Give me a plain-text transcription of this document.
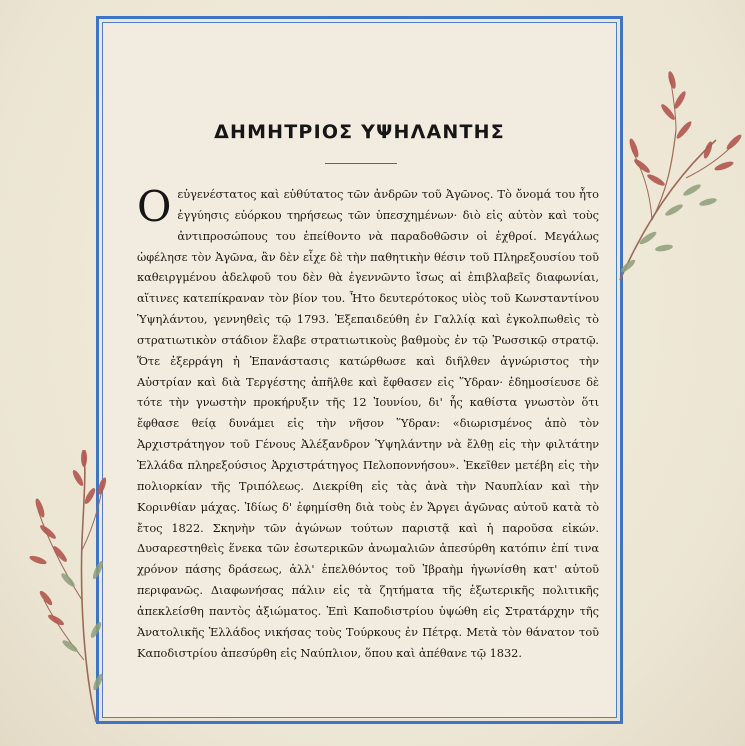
ΔΗΜΗΤΡΙΟΣ ΥΨΗΛΑΝΤΗΣ

Οεὐγενέστατος καὶ εὐθύτατος τῶν ἀνδρῶν τοῦ Ἀγῶνος. Τὸ ὄνομά του ἦτο ἐγγύησις εὐόρκου τηρήσεως τῶν ὑπεσχημένων· διὸ εἰς αὐτὸν καὶ τοὺς ἀντιπροσώπους του ἐπείθοντο νὰ παραδοθῶσιν οἱ ἐχθροί. Μεγάλως ὠφέλησε τὸν Ἀγῶνα, ἂν δὲν εἶχε δὲ τὴν παθητικὴν θέσιν τοῦ Πληρεξουσίου τοῦ καθειργμένου ἀδελφοῦ του δὲν θὰ ἐγεννῶντο ἴσως αἱ ἐπιβλαβεῖς διαφωνίαι, αἵτινες κατεπίκραναν τὸν βίον του. Ἦτο δευτερότοκος υἱὸς τοῦ Κωνσταντίνου Ὑψηλάντου, γεννηθεὶς τῷ 1793. Ἐξεπαιδεύθη ἐν Γαλλίᾳ καὶ ἐγκολπωθεὶς τὸ στρατιωτικὸν στάδιον ἔλαβε στρατιωτικοὺς βαθμοὺς ἐν τῷ Ῥωσσικῷ στρατῷ. Ὅτε ἐξερράγη ἡ Ἐπανάστασις κατώρθωσε καὶ διῆλθεν ἀγνώριστος τὴν Αὐστρίαν καὶ διὰ Τεργέστης ἀπῆλθε καὶ ἔφθασεν εἰς Ὕδραν· ἐδημοσίευσε δὲ τότε τὴν γνωστὴν προκήρυξιν τῆς 12 Ἰουνίου, δι' ἧς καθίστα γνωστὸν ὅτι ἔφθασε θείᾳ δυνάμει εἰς τὴν νῆσον Ὕδραν: «διωρισμένος ἀπὸ τὸν Ἀρχιστράτηγον τοῦ Γένους Ἀλέξανδρον Ὑψηλάντην νὰ ἔλθῃ εἰς τὴν φιλτάτην Ἑλλάδα πληρεξούσιος Ἀρχιστράτηγος Πελοποννήσου». Ἐκεῖθεν μετέβη εἰς τὴν πολιορκίαν τῆς Τριπόλεως. Διεκρίθη εἰς τὰς ἀνὰ τὴν Ναυπλίαν καὶ τὴν Κορινθίαν μάχας. Ἰδίως δ' ἐφημίσθη διὰ τοὺς ἐν Ἄργει ἀγῶνας αὐτοῦ κατὰ τὸ ἔτος 1822. Σκηνὴν τῶν ἀγώνων τούτων παριστᾷ καὶ ἡ παροῦσα εἰκών. Δυσαρεστηθεὶς ἕνεκα τῶν ἐσωτερικῶν ἀνωμαλιῶν ἀπεσύρθη κατόπιν ἐπί τινα χρόνον πάσης δράσεως, ἀλλ' ἐπελθόντος τοῦ Ἰβραὴμ ἠγωνίσθη κατ' αὐτοῦ περιφανῶς. Διαφωνήσας πάλιν εἰς τὰ ζητήματα τῆς ἐξωτερικῆς πολιτικῆς ἀπεκλείσθη παντὸς ἀξιώματος. Ἐπὶ Καποδιστρίου ὑψώθη εἰς Στρατάρχην τῆς Ἀνατολικῆς Ἑλλάδος νικήσας τοὺς Τούρκους ἐν Πέτρᾳ. Μετὰ τὸν θάνατον τοῦ Καποδιστρίου ἀπεσύρθη εἰς Ναύπλιον, ὅπου καὶ ἀπέθανε τῷ 1832.
